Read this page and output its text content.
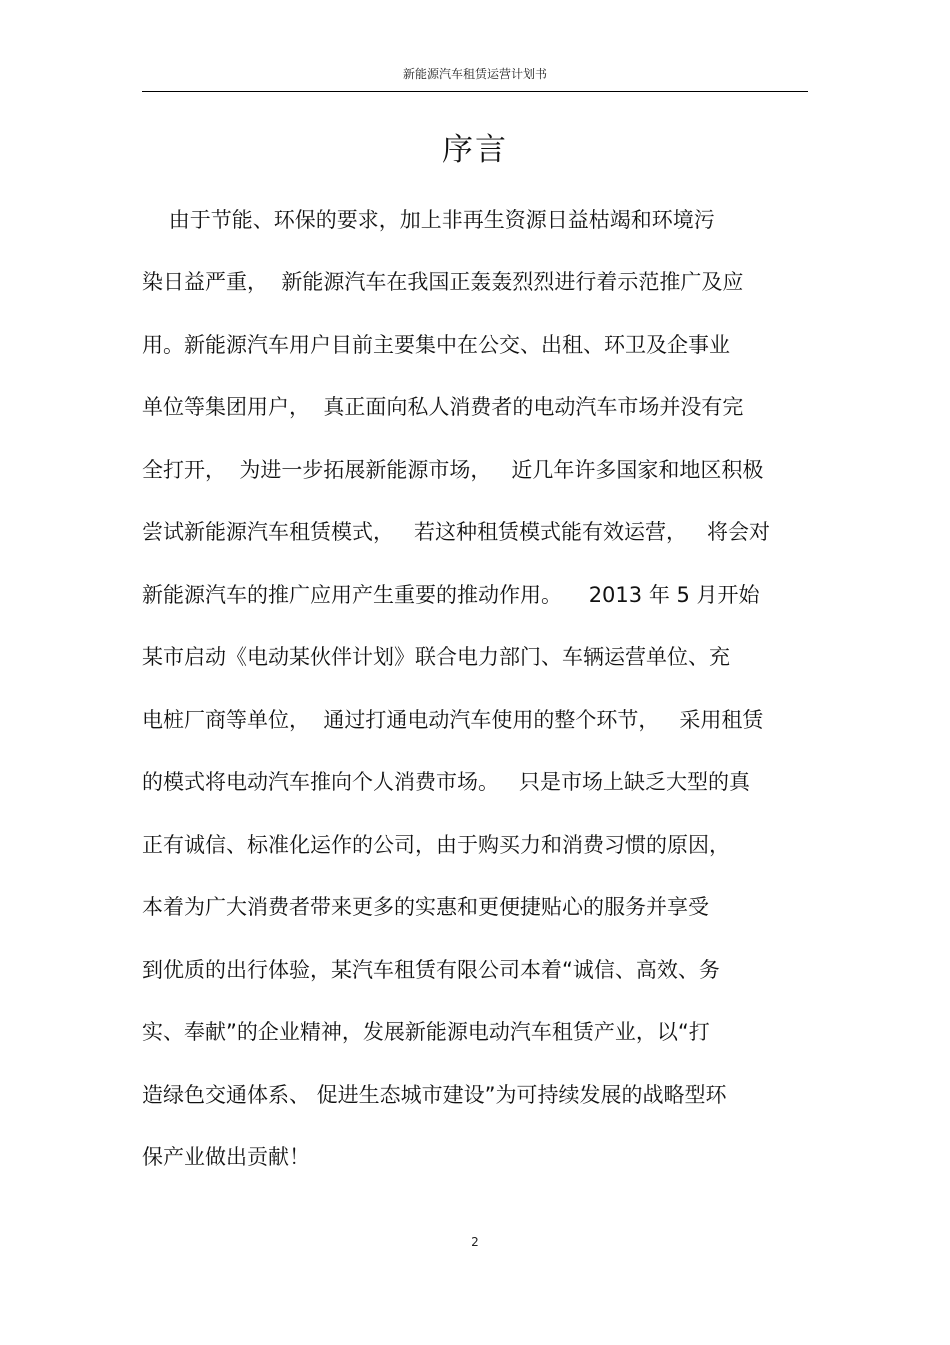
新能源汽车租赁运营计划书
序言
由于节能、环保的要求，加上非再生资源日益枯竭和环境污
染日益严重，  新能源汽车在我国正轰轰烈烈进行着示范推广及应
用。新能源汽车用户目前主要集中在公交、出租、环卫及企事业
单位等集团用户，  真正面向私人消费者的电动汽车市场并没有完
全打开，  为进一步拓展新能源市场，   近几年许多国家和地区积极
尝试新能源汽车租赁模式，   若这种租赁模式能有效运营，   将会对
新能源汽车的推广应用产生重要的推动作用。    2013 年 5 月开始
某市启动《电动某伙伴计划》联合电力部门、车辆运营单位、充
电桩厂商等单位，  通过打通电动汽车使用的整个环节，   采用租赁
的模式将电动汽车推向个人消费市场。   只是市场上缺乏大型的真
正有诚信、标准化运作的公司，由于购买力和消费习惯的原因，
本着为广大消费者带来更多的实惠和更便捷贴心的服务并享受
到优质的出行体验，某汽车租赁有限公司本着“诚信、高效、务
实、奉献”的企业精神，发展新能源电动汽车租赁产业，以“打
造绿色交通体系、 促进生态城市建设”为可持续发展的战略型环
保产业做出贡献！
2
